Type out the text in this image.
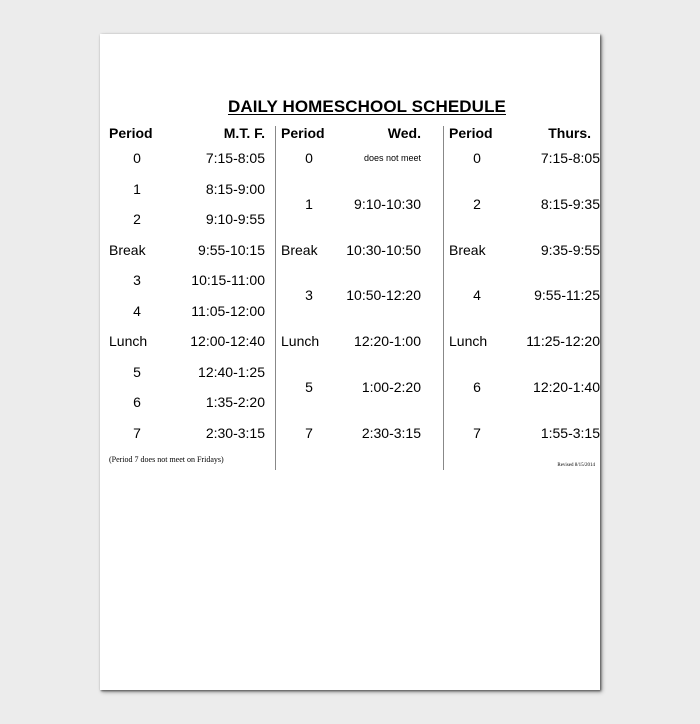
DAILY HOMESCHOOL SCHEDULE
Period	M.T. F.
0	7:15-8:05
1	8:15-9:00
2	9:10-9:55
Break	9:55-10:15
3	10:15-11:00
4	11:05-12:00
Lunch	12:00-12:40
5	12:40-1:25
6	1:35-2:20
7	2:30-3:15
Period	Wed.
0	does not meet
1	9:10-10:30
Break 10:30-10:50
3	10:50-12:20
Lunch 12:20-1:00
5	1:00-2:20
7	2:30-3:15
Period	Thurs.
0	7:15-8:05
2	8:15-9:35
Break	9:35-9:55
4	9:55-11:25
Lunch	11:25-12:20
6	12:20-1:40
7	1:55-3:15
(Period 7 does not meet on Fridays)
Revised 8/15/2014
